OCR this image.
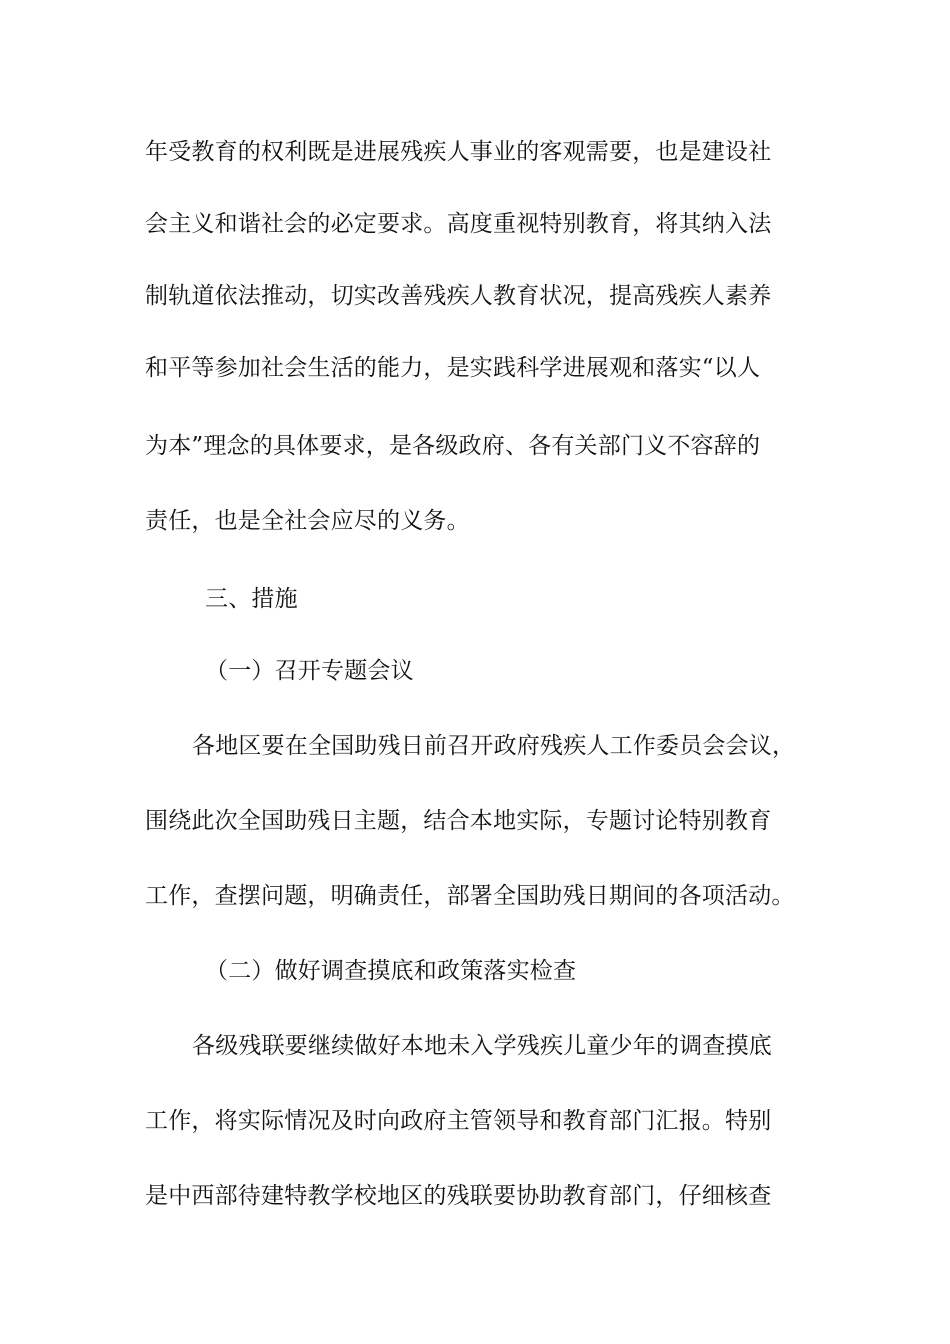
年受教育的权利既是进展残疾人事业的客观需要，也是建设社
会主义和谐社会的必定要求。高度重视特别教育，将其纳入法
制轨道依法推动，切实改善残疾人教育状况，提高残疾人素养
和平等参加社会生活的能力，是实践科学进展观和落实“以人
为本”理念的具体要求，是各级政府、各有关部门义不容辞的
责任，也是全社会应尽的义务。
三、措施
（一）召开专题会议
各地区要在全国助残日前召开政府残疾人工作委员会会议，
围绕此次全国助残日主题，结合本地实际，专题讨论特别教育
工作，查摆问题，明确责任，部署全国助残日期间的各项活动。
（二）做好调查摸底和政策落实检查
各级残联要继续做好本地未入学残疾儿童少年的调查摸底
工作，将实际情况及时向政府主管领导和教育部门汇报。特别
是中西部待建特教学校地区的残联要协助教育部门，仔细核查
